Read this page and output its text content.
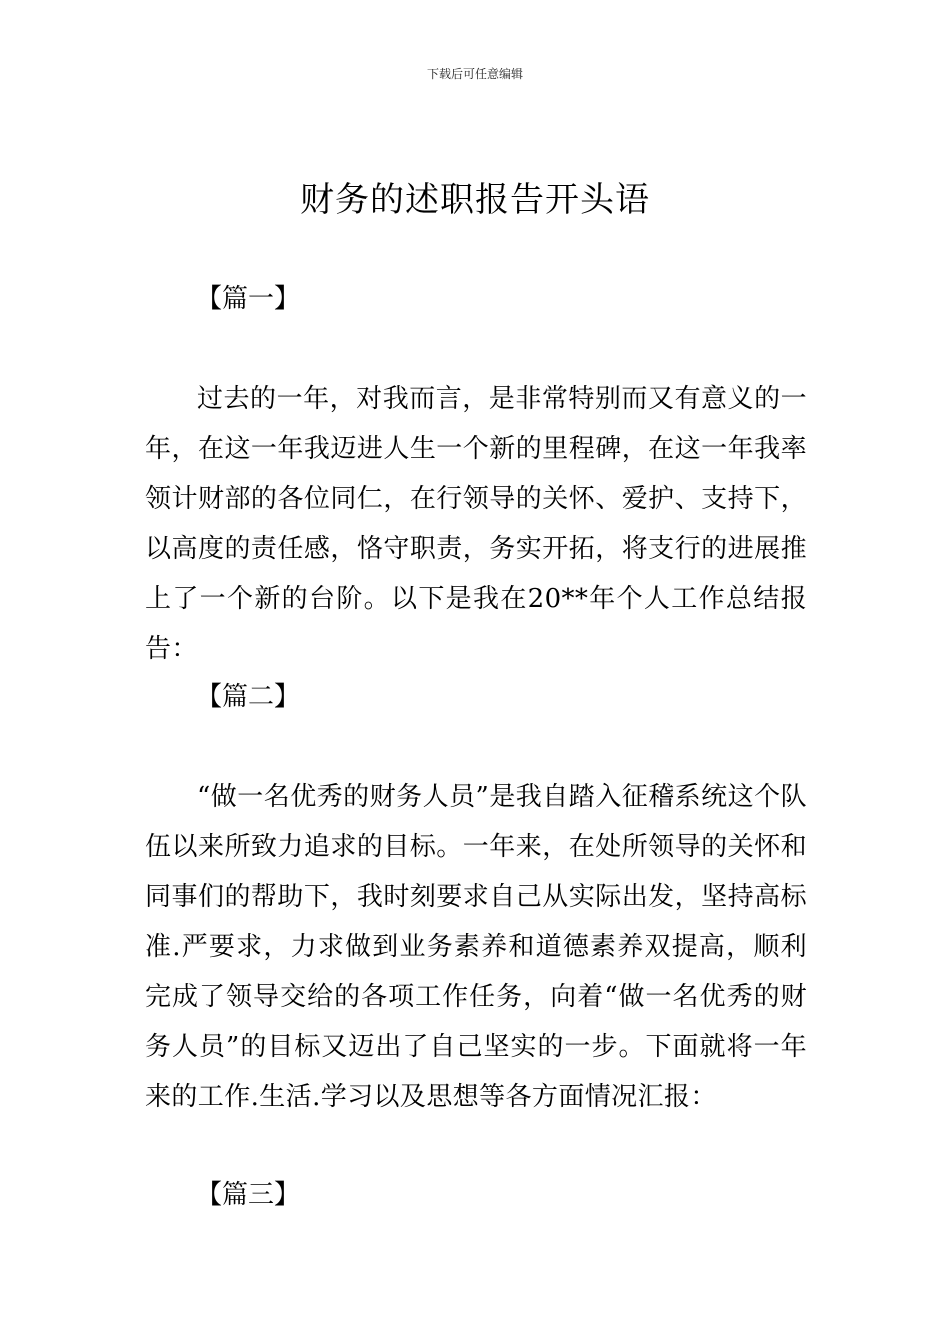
下载后可任意编辑
财务的述职报告开头语
【篇一】

过去的一年，对我而言，是非常特别而又有意义的一年，在这一年我迈进人生一个新的里程碑，在这一年我率领计财部的各位同仁，在行领导的关怀、爱护、支持下，以高度的责任感，恪守职责，务实开拓，将支行的进展推上了一个新的台阶。以下是我在20**年个人工作总结报告：

【篇二】

“做一名优秀的财务人员”是我自踏入征稽系统这个队伍以来所致力追求的目标。一年来，在处所领导的关怀和同事们的帮助下，我时刻要求自己从实际出发，坚持高标准.严要求，力求做到业务素养和道德素养双提高，顺利完成了领导交给的各项工作任务，向着“做一名优秀的财务人员”的目标又迈出了自己坚实的一步。下面就将一年来的工作.生活.学习以及思想等各方面情况汇报：

【篇三】
